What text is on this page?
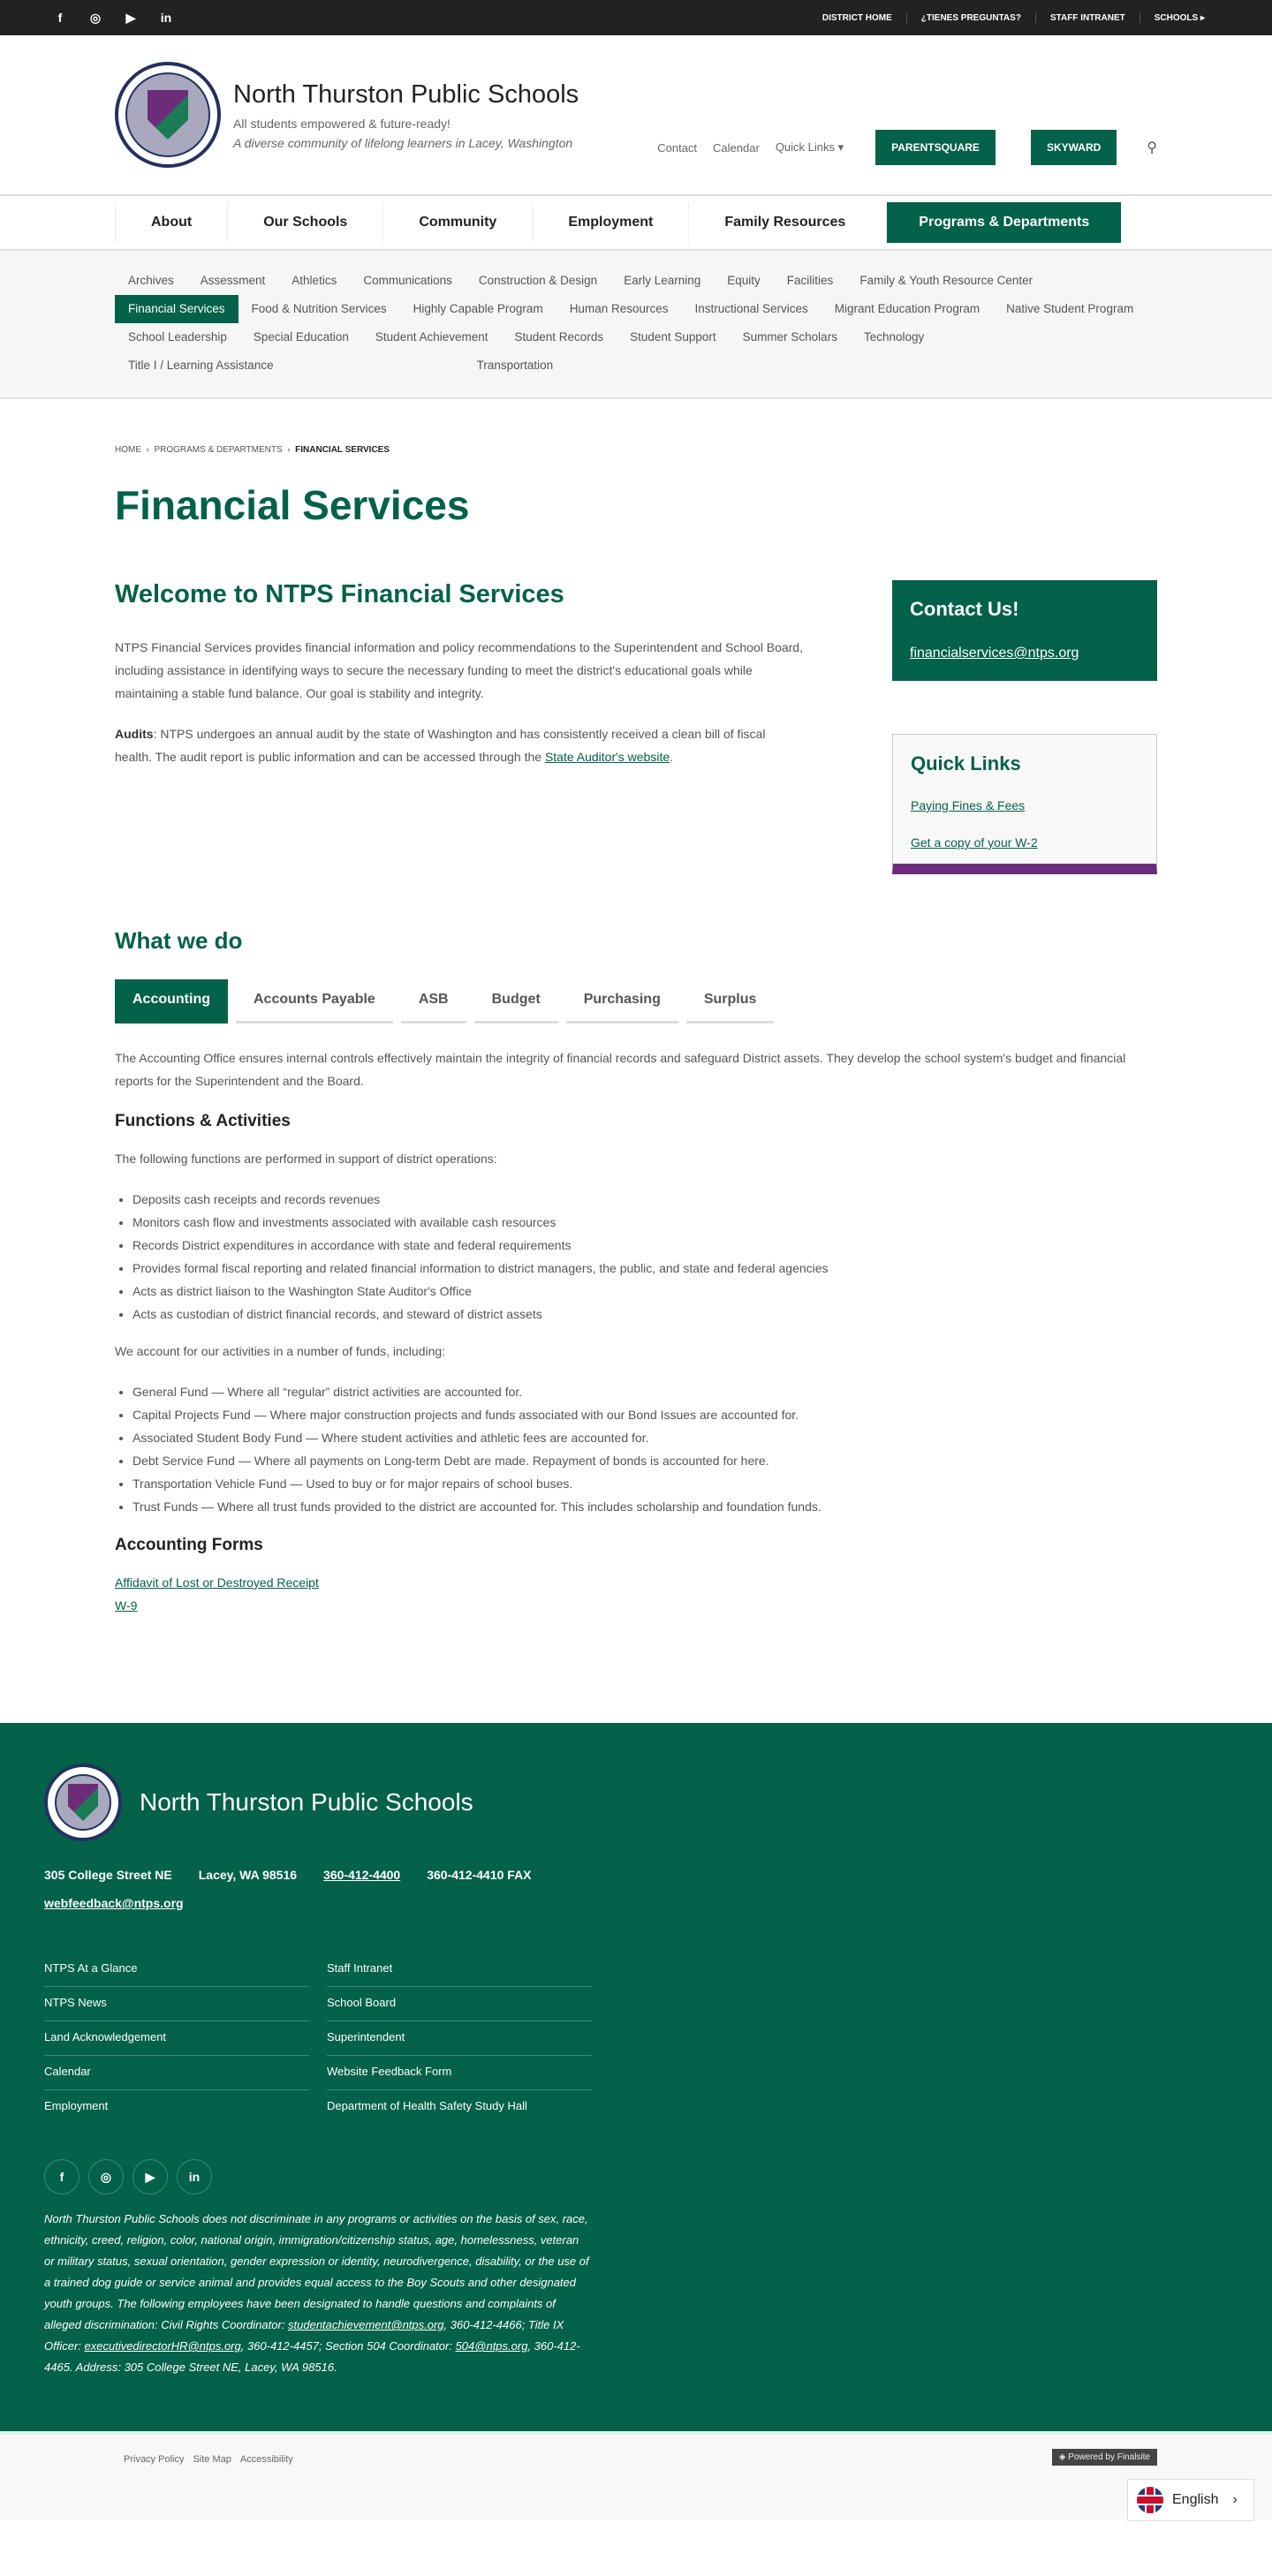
f	◎ ▶ in	DISTRICT HOME	¿TIENES PREGUNTAS?	STAFF INTRANET	SCHOOLS ▸
North Thurston Public Schools
All students empowered & future-ready!
A diverse community of lifelong learners in Lacey, Washington	Contact Calendar Quick Links ▾	PARENTSQUARE	SKYWARD	⚲
About	Our Schools	Community	Employment	Family Resources	Programs & Departments
Archives	Assessment	Athletics	Communications	Construction & Design	Early Learning	Equity	Facilities	Family & Youth Resource Center
Financial Services	Food & Nutrition Services	Highly Capable Program	Human Resources	Instructional Services	Migrant Education Program	Native Student Program
School Leadership	Special Education	Student Achievement	Student Records	Student Support	Summer Scholars	Technology
Title I / Learning Assistance	Transportation
HOME › PROGRAMS & DEPARTMENTS › FINANCIAL SERVICES
Financial Services
Welcome to NTPS Financial Services

NTPS Financial Services provides financial information and policy recommendations to the Superintendent and School Board, including assistance in identifying ways to secure the necessary funding to meet the district's educational goals while maintaining a stable fund balance. Our goal is stability and integrity.

Audits: NTPS undergoes an annual audit by the state of Washington and has consistently received a clean bill of fiscal health. The audit report is public information and can be accessed through the State Auditor's website.

Contact Us!
financialservices@ntps.org
Quick Links
Paying Fines & Fees
Get a copy of your W-2
What we do
Accounting	Accounts Payable	ASB	Budget	Purchasing	Surplus

The Accounting Office ensures internal controls effectively maintain the integrity of financial records and safeguard District assets. They develop the school system's budget and financial reports for the Superintendent and the Board.

Functions & Activities

The following functions are performed in support of district operations:

• Deposits cash receipts and records revenues
• Monitors cash flow and investments associated with available cash resources
• Records District expenditures in accordance with state and federal requirements
• Provides formal fiscal reporting and related financial information to district managers, the public, and state and federal agencies
• Acts as district liaison to the Washington State Auditor's Office
• Acts as custodian of district financial records, and steward of district assets

We account for our activities in a number of funds, including:

• General Fund — Where all “regular” district activities are accounted for.
• Capital Projects Fund — Where major construction projects and funds associated with our Bond Issues are accounted for.
• Associated Student Body Fund — Where student activities and athletic fees are accounted for.
• Debt Service Fund — Where all payments on Long-term Debt are made. Repayment of bonds is accounted for here.
• Transportation Vehicle Fund — Used to buy or for major repairs of school buses.
• Trust Funds — Where all trust funds provided to the district are accounted for. This includes scholarship and foundation funds.
Accounting Forms
Affidavit of Lost or Destroyed Receipt
W-9
North Thurston Public Schools
305 College Street NE Lacey, WA 98516 360-412-4400 360-412-4410 FAX
webfeedback@ntps.org
NTPS At a Glance	Staff Intranet
NTPS News	School Board
Land Acknowledgement	Superintendent
Calendar	Website Feedback Form
Employment	Department of Health Safety Study Hall
f	◎	▶	in

North Thurston Public Schools does not discriminate in any programs or activities on the basis of sex, race, ethnicity, creed, religion, color, national origin, immigration/citizenship status, age, homelessness, veteran or military status, sexual orientation, gender expression or identity, neurodivergence, disability, or the use of a trained dog guide or service animal and provides equal access to the Boy Scouts and other designated youth groups. The following employees have been designated to handle questions and complaints of alleged discrimination: Civil Rights Coordinator: studentachievement@ntps.org, 360-412-4466; Title IX Officer: executivedirectorHR@ntps.org, 360-412-4457; Section 504 Coordinator: 504@ntps.org, 360-412-4465. Address: 305 College Street NE, Lacey, WA 98516.

Privacy Policy Site Map Accessibility	◈ Powered by Finalsite
English ›
